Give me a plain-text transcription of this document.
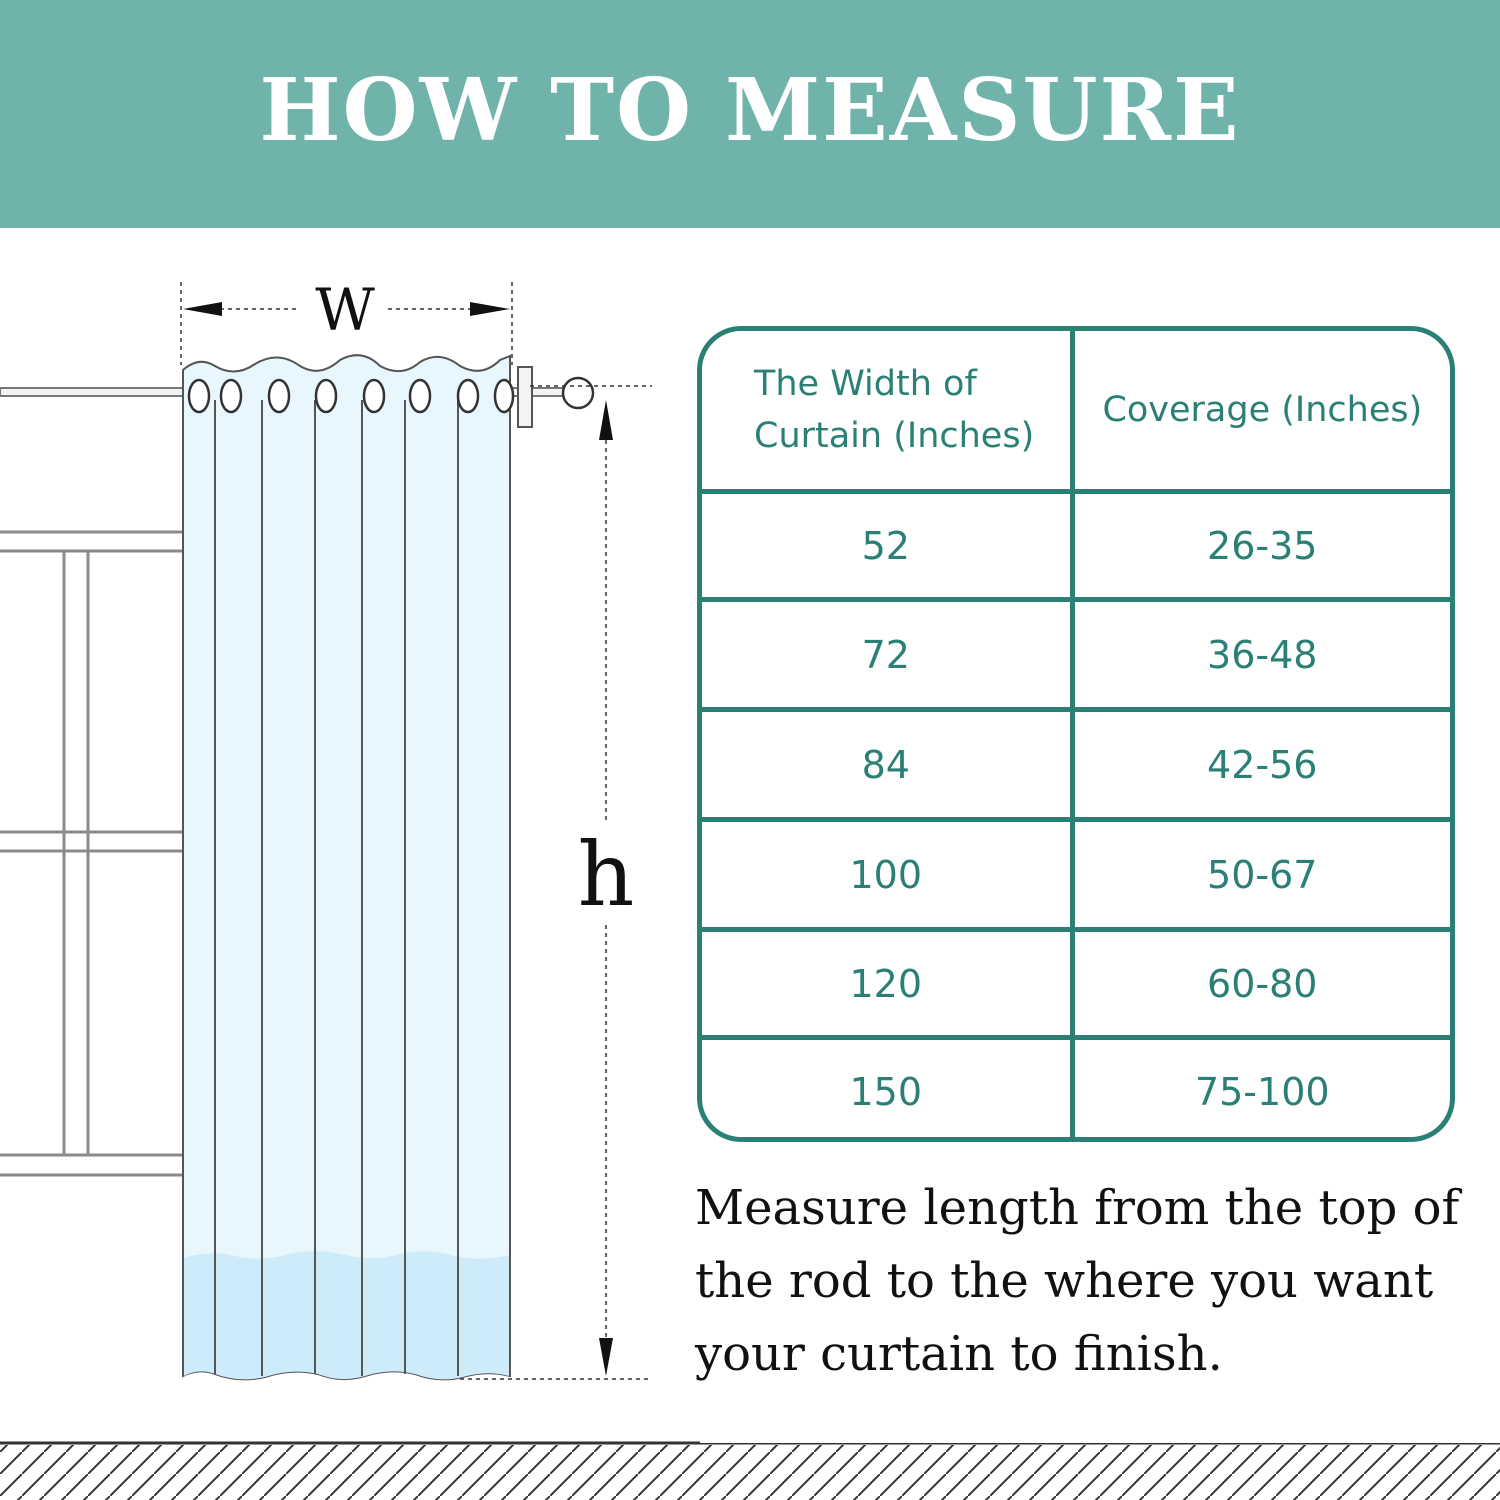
HOW TO MEASURE
W
h
The Width of Curtain (Inches)
Coverage (Inches)
52	26-35
72	36-48
84	42-56
100	50-67
120	60-80
150	75-100
Measure length from the top of the rod to the where you want your curtain to finish.
